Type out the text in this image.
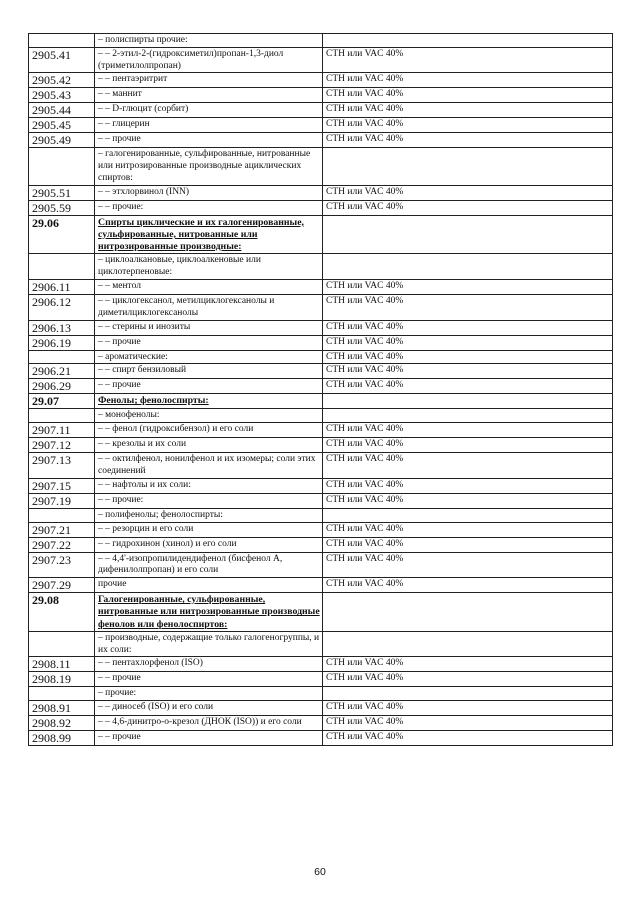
	– полиспирты прочие:	
2905.41	– – 2-этил-2-(гидроксиметил)пропан-1,3-диол (триметилолпропан)	СТН или VAC 40%
2905.42	– – пентаэритрит	СТН или VAC 40%
2905.43	– – маннит	СТН или VAC 40%
2905.44	– – D-глюцит (сорбит)	СТН или VAC 40%
2905.45	– – глицерин	СТН или VAC 40%
2905.49	– – прочие	СТН или VAC 40%
	– галогенированные, сульфированные, нитрованные или нитрозированные производные ациклических спиртов:	
2905.51	– – этхлорвинол (INN)	СТН или VAC 40%
2905.59	– – прочие:	СТН или VAC 40%
29.06	Спирты циклические и их галогенированные, сульфированные, нитрованные или нитрозированные производные:	
	– циклоалкановые, циклоалкеновые или циклотерпеновые:	
2906.11	– – ментол	СТН или VAC 40%
2906.12	– – циклогексанол, метилциклогексанолы и диметилциклогексанолы	СТН или VAC 40%
2906.13	– – стерины и инозиты	СТН или VAC 40%
2906.19	– – прочие	СТН или VAC 40%
	– ароматические:	СТН или VAC 40%
2906.21	– – спирт бензиловый	СТН или VAC 40%
2906.29	– – прочие	СТН или VAC 40%
29.07	Фенолы; фенолоспирты:	
	– монофенолы:	
2907.11	– – фенол (гидроксибензол) и его соли	СТН или VAC 40%
2907.12	– – крезолы и их соли	СТН или VAC 40%
2907.13	– – октилфенол, нонилфенол и их изомеры; соли этих соединений	СТН или VAC 40%
2907.15	– – нафтолы и их соли:	СТН или VAC 40%
2907.19	– – прочие:	СТН или VAC 40%
	– полифенолы; фенолоспирты:	
2907.21	– – резорцин и его соли	СТН или VAC 40%
2907.22	– – гидрохинон (хинол) и его соли	СТН или VAC 40%
2907.23	– – 4,4'-изопропилидендифенол (бисфенол А, дифенилолпропан) и его соли	СТН или VAC 40%
2907.29	прочие	СТН или VAC 40%
29.08	Галогенированные, сульфированные, нитрованные или нитрозированные производные фенолов или фенолоспиртов:	
	– производные, содержащие только галогеногруппы, и их соли:	
2908.11	– – пентахлорфенол (ISO)	СТН или VAC 40%
2908.19	– – прочие	СТН или VAC 40%
	– прочие:	
2908.91	– – диносеб (ISO) и его соли	СТН или VAC 40%
2908.92	– – 4,6-динитро-о-крезол (ДНОК (ISO)) и его соли	СТН или VAC 40%
2908.99	– – прочие	СТН или VAC 40%
60
